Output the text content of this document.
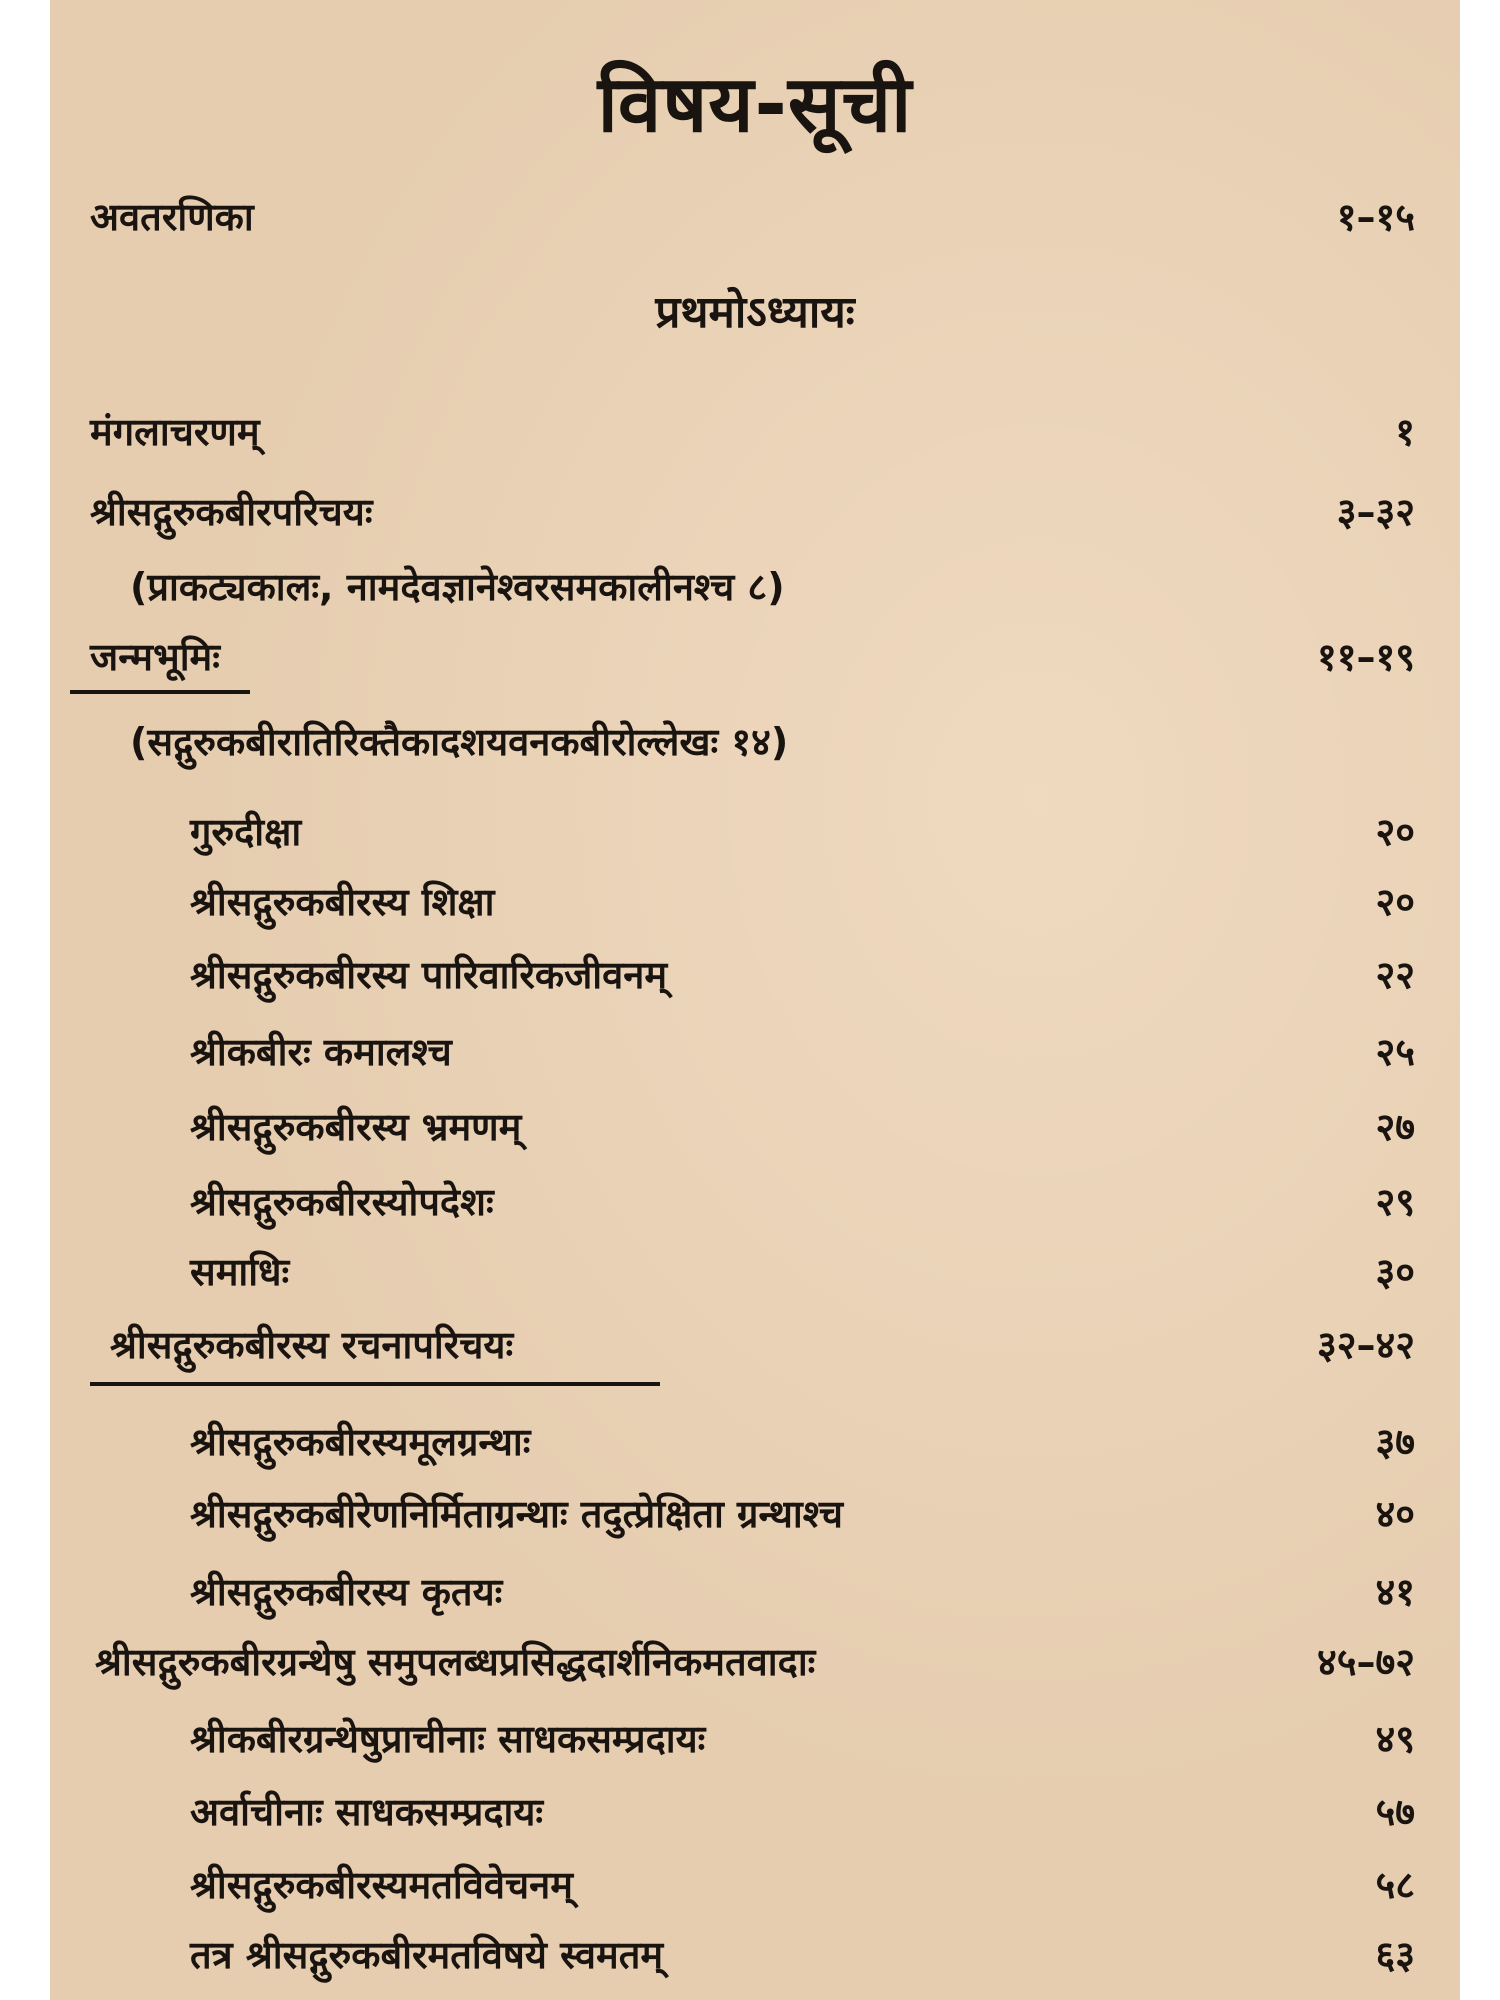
विषय-सूची
अवतरणिका	१–१५
प्रथमोऽध्यायः
मंगलाचरणम्	१
श्रीसद्गुरुकबीरपरिचयः	३–३२
(प्राकट्यकालः, नामदेवज्ञानेश्वरसमकालीनश्च ८)
जन्मभूमिः	११–१९
(सद्गुरुकबीरातिरिक्तैकादशयवनकबीरोल्लेखः १४)
गुरुदीक्षा	२०
श्रीसद्गुरुकबीरस्य शिक्षा	२०
श्रीसद्गुरुकबीरस्य पारिवारिकजीवनम्	२२
श्रीकबीरः कमालश्च	२५
श्रीसद्गुरुकबीरस्य भ्रमणम्	२७
श्रीसद्गुरुकबीरस्योपदेशः	२९
समाधिः	३०
श्रीसद्गुरुकबीरस्य रचनापरिचयः	३२–४२
श्रीसद्गुरुकबीरस्यमूलग्रन्थाः	३७
श्रीसद्गुरुकबीरेणनिर्मिताग्रन्थाः तदुत्प्रेक्षिता ग्रन्थाश्च	४०
श्रीसद्गुरुकबीरस्य कृतयः	४१
श्रीसद्गुरुकबीरग्रन्थेषु समुपलब्धप्रसिद्धदार्शनिकमतवादाः	४५–७२
श्रीकबीरग्रन्थेषुप्राचीनाः साधकसम्प्रदायः	४९
अर्वाचीनाः साधकसम्प्रदायः	५७
श्रीसद्गुरुकबीरस्यमतविवेचनम्	५८
तत्र श्रीसद्गुरुकबीरमतविषये स्वमतम्	६३
